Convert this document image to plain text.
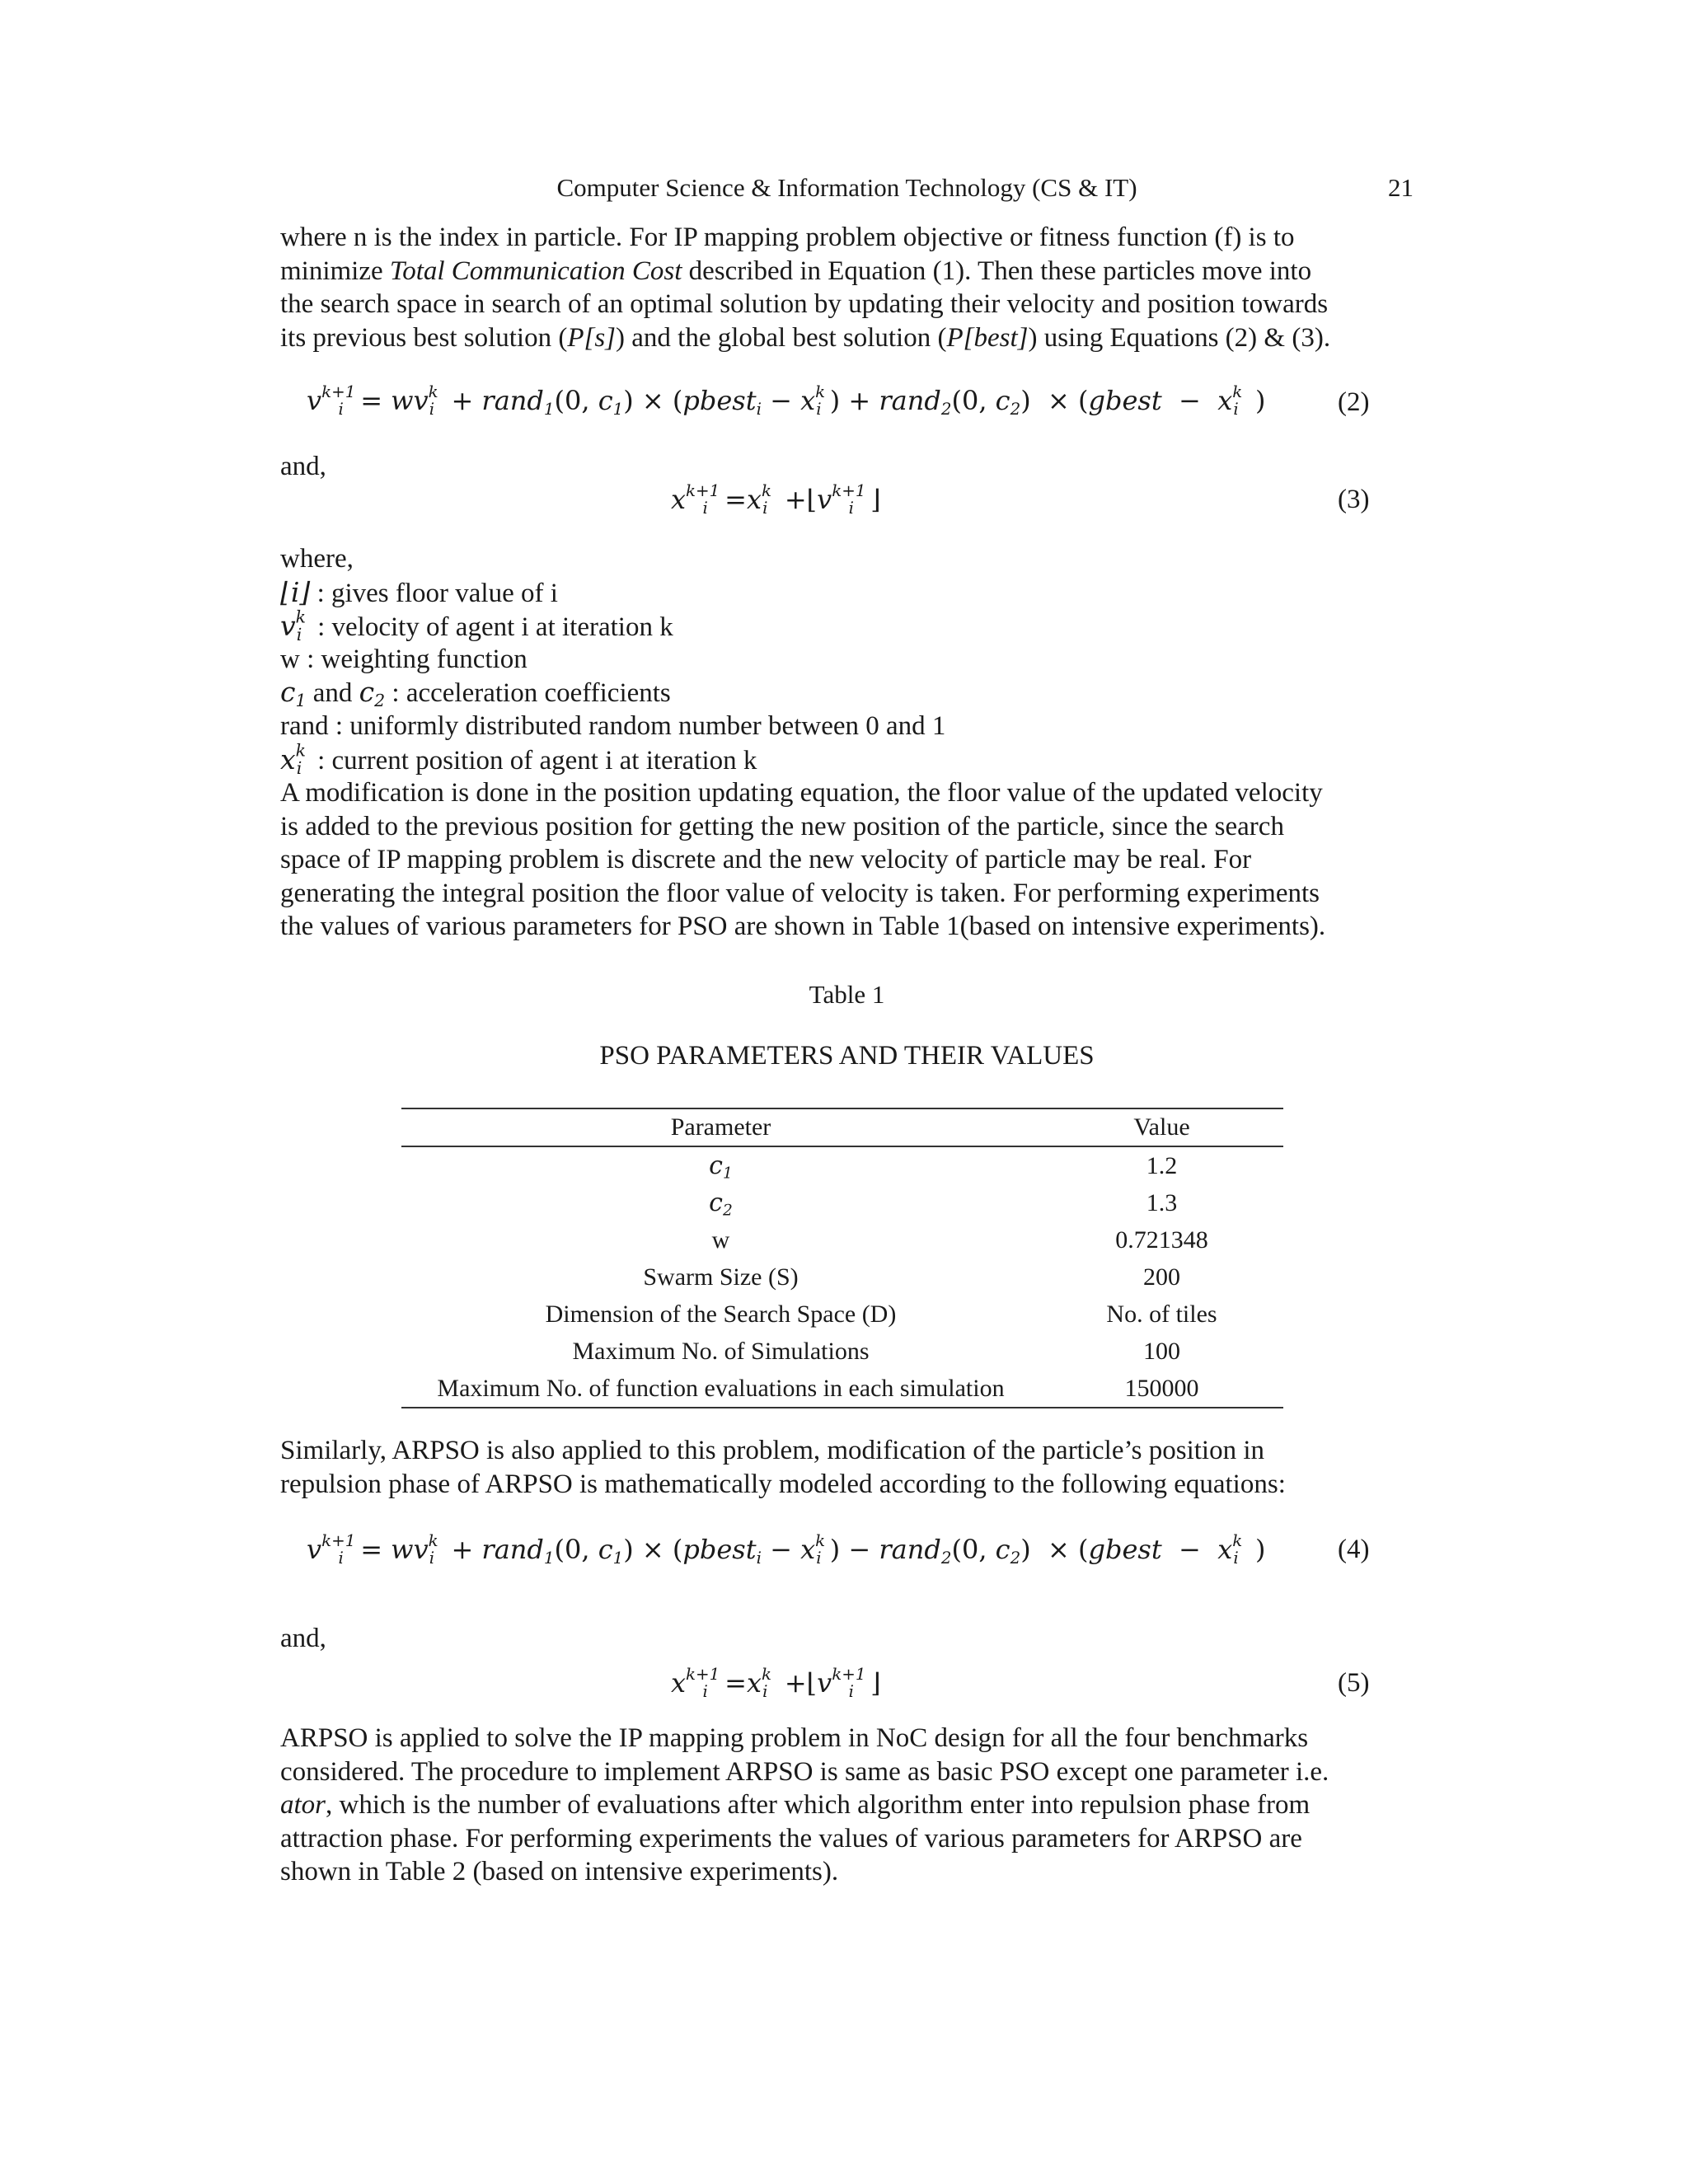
Computer Science & Information Technology (CS & IT)	21
where n is the index in particle. For IP mapping problem objective or fitness function (f) is to
minimize Total Communication Cost described in Equation (1). Then these particles move into
the search space in search of an optimal solution by updating their velocity and position towards
its previous best solution (P[s]) and the global best solution (P[best]) using Equations (2) & (3).
$v^{k+1}_i = wv^k_i$ + rand$_1$(0, $c_1$) × (pbest$_i$ − $x^k_i$ ) + rand$_2$(0, $c_2$)  × (gbest  −  $x^k_i$ )	(2)
and,
$x^{k+1}_i =x^k_i$ $+⌊v^{k+1}_i$ ⌋	(3)
where,
⌊i⌋ : gives floor value of i
$v^k_i$  : velocity of agent i at iteration k
w : weighting function
$c_1$ and $c_2$ : acceleration coefficients
rand : uniformly distributed random number between 0 and 1
$x^k_i$  : current position of agent i at iteration k
A modification is done in the position updating equation, the floor value of the updated velocity
is added to the previous position for getting the new position of the particle, since the search
space of IP mapping problem is discrete and the new velocity of particle may be real. For
generating the integral position the floor value of velocity is taken. For performing experiments
the values of various parameters for PSO are shown in Table 1(based on intensive experiments).
Table 1
PSO PARAMETERS AND THEIR VALUES
Parameter	Value
$c_1$	1.2
$c_2$	1.3
w	0.721348
Swarm Size (S)	200
Dimension of the Search Space (D)	No. of tiles
Maximum No. of Simulations	100
Maximum No. of function evaluations in each simulation	150000
Similarly, ARPSO is also applied to this problem, modification of the particle’s position in
repulsion phase of ARPSO is mathematically modeled according to the following equations:
$v^{k+1}_i = wv^k_i$ + rand$_1$(0, $c_1$) × (pbest$_i$ − $x^k_i$ ) − rand$_2$(0, $c_2$)  × (gbest  −  $x^k_i$ )	(4)
and,
$x^{k+1}_i =x^k_i$ $+⌊v^{k+1}_i$ ⌋	(5)
ARPSO is applied to solve the IP mapping problem in NoC design for all the four benchmarks
considered. The procedure to implement ARPSO is same as basic PSO except one parameter i.e.
ator, which is the number of evaluations after which algorithm enter into repulsion phase from
attraction phase. For performing experiments the values of various parameters for ARPSO are
shown in Table 2 (based on intensive experiments).
